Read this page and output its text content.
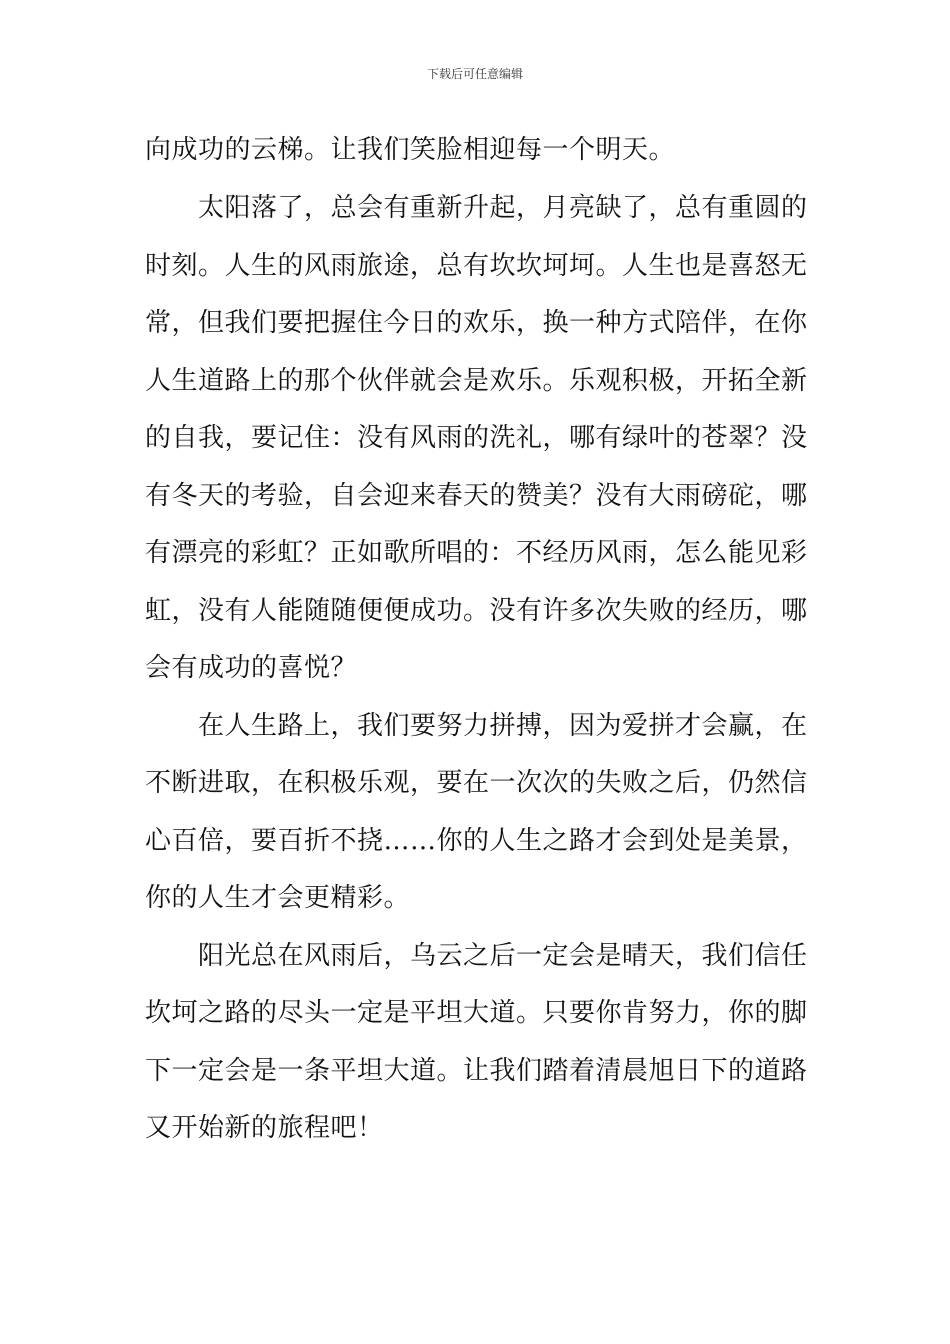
下载后可任意编辑
向成功的云梯。让我们笑脸相迎每一个明天。
太阳落了，总会有重新升起，月亮缺了，总有重圆的
时刻。人生的风雨旅途，总有坎坎坷坷。人生也是喜怒无
常，但我们要把握住今日的欢乐，换一种方式陪伴，在你
人生道路上的那个伙伴就会是欢乐。乐观积极，开拓全新
的自我，要记住：没有风雨的洗礼，哪有绿叶的苍翠？没
有冬天的考验，自会迎来春天的赞美？没有大雨磅砣，哪
有漂亮的彩虹？正如歌所唱的：不经历风雨，怎么能见彩
虹，没有人能随随便便成功。没有许多次失败的经历，哪
会有成功的喜悦？
在人生路上，我们要努力拼搏，因为爱拼才会赢，在
不断进取，在积极乐观，要在一次次的失败之后，仍然信
心百倍，要百折不挠……你的人生之路才会到处是美景，
你的人生才会更精彩。
阳光总在风雨后，乌云之后一定会是晴天，我们信任
坎坷之路的尽头一定是平坦大道。只要你肯努力，你的脚
下一定会是一条平坦大道。让我们踏着清晨旭日下的道路
又开始新的旅程吧！
